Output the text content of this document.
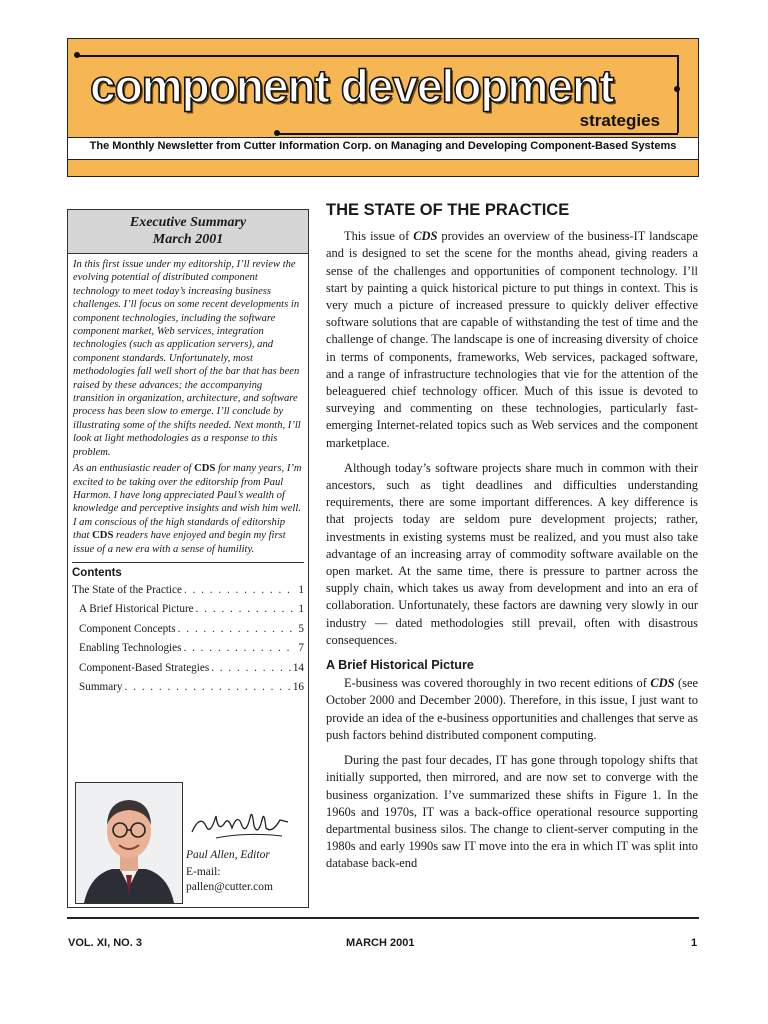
component development
strategies
The Monthly Newsletter from Cutter Information Corp. on Managing and Developing Component-Based Systems
Executive Summary
March 2001

In this first issue under my editorship, I’ll review the evolving potential of distributed component technology to meet today’s increasing business challenges. I’ll focus on some recent developments in component technologies, including the software component market, Web services, integration technologies (such as application servers), and component standards. Unfortunately, most methodologies fall well short of the bar that has been raised by these advances; the accompanying transition in organization, architecture, and software process has been slow to emerge. I’ll conclude by illustrating some of the shifts needed. Next month, I’ll look at light methodologies as a response to this problem.

As an enthusiastic reader of CDS for many years, I’m excited to be taking over the editorship from Paul Harmon. I have long appreciated Paul’s wealth of knowledge and perceptive insights and wish him well. I am conscious of the high standards of editorship that CDS readers have enjoyed and begin my first issue of a new era with a sense of humility.

Contents
The State of the Practice . . .	1
A Brief Historical Picture . . .	1
Component Concepts . . .	5
Enabling Technologies . . .	7
Component-Based Strategies . . .	14
Summary . . .	16
Paul Allen, Editor
E-mail:
pallen@cutter.com
THE STATE OF THE PRACTICE

This issue of CDS provides an overview of the business-IT landscape and is designed to set the scene for the months ahead, giving readers a sense of the challenges and opportunities of component technology. I’ll start by painting a quick historical picture to put things in context. This is very much a picture of increased pressure to quickly deliver effective software solutions that are capable of withstanding the test of time and the challenge of change. The landscape is one of increasing diversity of choice in terms of components, frameworks, Web services, packaged software, and a range of infrastructure technologies that vie for the attention of the beleaguered chief technology officer. Much of this issue is devoted to surveying and commenting on these technologies, particularly fast-emerging Internet-related topics such as Web services and the component marketplace.

Although today’s software projects share much in common with their ancestors, such as tight deadlines and difficulties understanding requirements, there are some important differences. A key difference is that projects today are seldom pure development projects; rather, investments in existing systems must be realized, and you must also take advantage of an increasing array of commodity software available on the open market. At the same time, there is pressure to partner across the supply chain, which takes us away from development and into an era of collaboration. Unfortunately, these factors are dawning very slowly in our industry — dated methodologies still prevail, often with disastrous consequences.

A Brief Historical Picture

E-business was covered thoroughly in two recent editions of CDS (see October 2000 and December 2000). Therefore, in this issue, I just want to provide an idea of the e-business opportunities and challenges that serve as push factors behind distributed component computing.

During the past four decades, IT has gone through topology shifts that initially supported, then mirrored, and are now set to converge with the business organization. I’ve summarized these shifts in Figure 1. In the 1960s and 1970s, IT was a back-office operational resource supporting departmental business silos. The change to client-server computing in the 1980s and early 1990s saw IT move into the era in which IT was split into database back-end

VOL. XI, NO. 3	MARCH 2001	1
